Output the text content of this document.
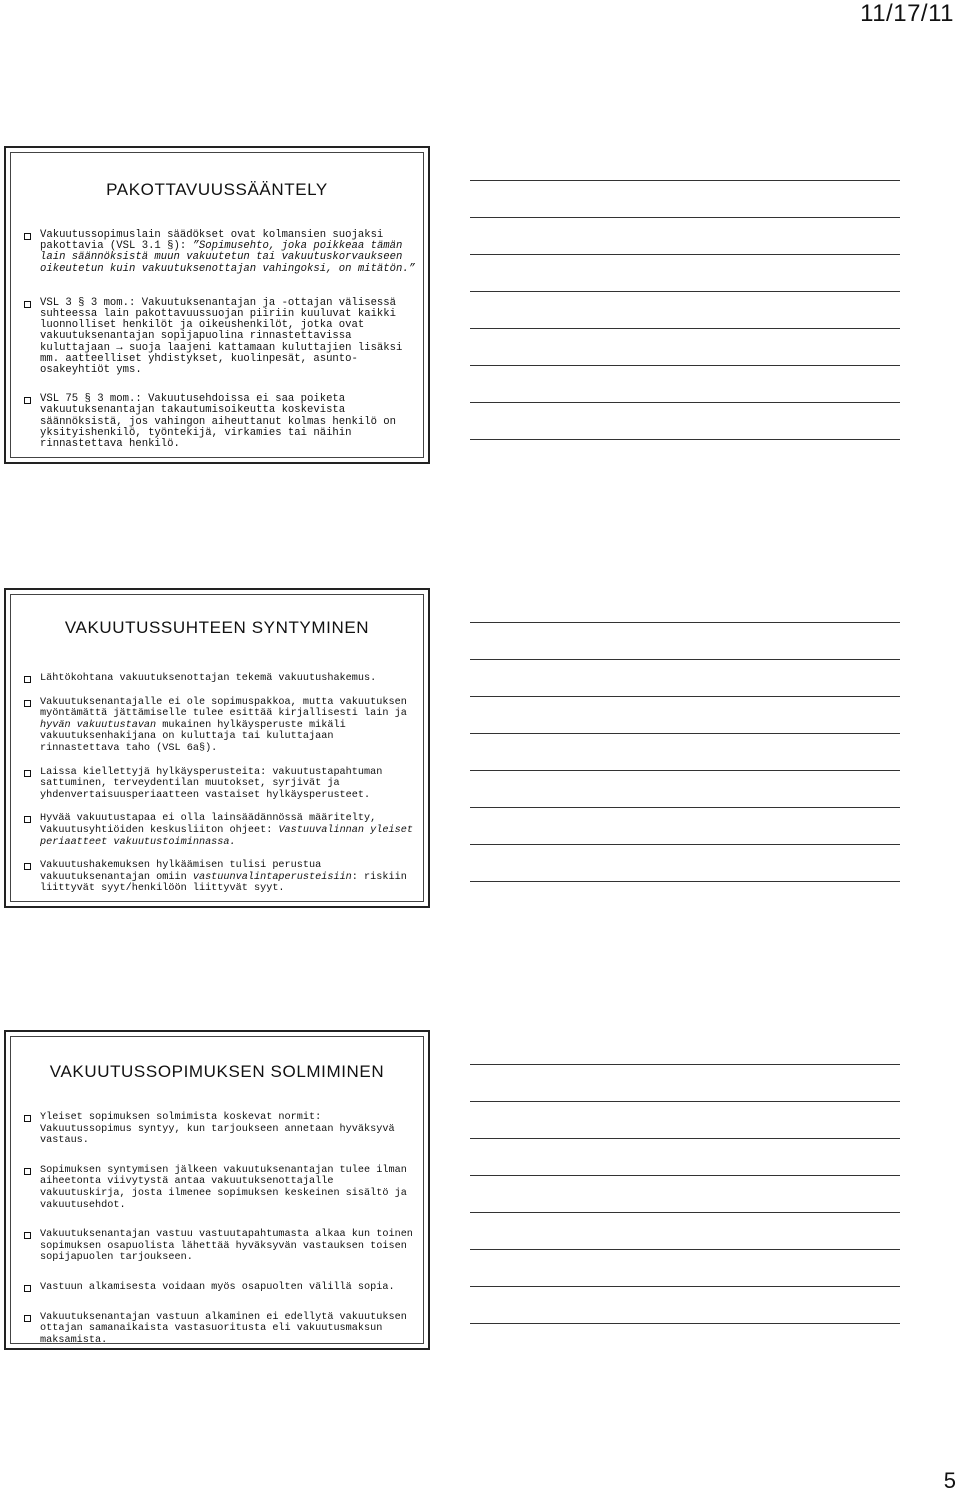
11/17/11
PAKOTTAVUUSSÄÄNTELY
Vakuutussopimuslain säädökset ovat kolmansien suojaksi pakottavia (VSL 3.1 §): ”Sopimusehto, joka poikkeaa tämän lain säännöksistä muun vakuutetun tai vakuutuskorvaukseen oikeutetun kuin vakuutuksenottajan vahingoksi, on mitätön.”
VSL 3 § 3 mom.: Vakuutuksenantajan ja -ottajan välisessä suhteessa lain pakottavuussuojan piiriin kuuluvat kaikki luonnolliset henkilöt ja oikeushenkilöt, jotka ovat vakuutuksenantajan sopijapuolina rinnastettavissa kuluttajaan → suoja laajeni kattamaan kuluttajien lisäksi mm. aatteelliset yhdistykset, kuolinpesät, asunto-osakeyhtiöt yms.
VSL 75 § 3 mom.: Vakuutusehdoissa ei saa poiketa vakuutuksenantajan takautumisoikeutta koskevista säännöksistä, jos vahingon aiheuttanut kolmas henkilö on yksityishenkilö, työntekijä, virkamies tai näihin rinnastettava henkilö.
VAKUUTUSSUHTEEN SYNTYMINEN
Lähtökohtana vakuutuksenottajan tekemä vakuutushakemus.
Vakuutuksenantajalle ei ole sopimuspakkoa, mutta vakuutuksen myöntämättä jättämiselle tulee esittää kirjallisesti lain ja hyvän vakuutustavan mukainen hylkäysperuste mikäli vakuutuksenhakijana on kuluttaja tai kuluttajaan rinnastettava taho (VSL 6a§).
Laissa kiellettyjä hylkäysperusteita: vakuutustapahtuman sattuminen, terveydentilan muutokset, syrjivät ja yhdenvertaisuusperiaatteen vastaiset hylkäysperusteet.
Hyvää vakuutustapaa ei olla lainsäädännössä määritelty, Vakuutusyhtiöiden keskusliiton ohjeet: Vastuuvalinnan yleiset periaatteet vakuutustoiminnassa.
Vakuutushakemuksen hylkäämisen tulisi perustua vakuutuksenantajan omiin vastuunvalintaperusteisiin: riskiin liittyvät syyt/henkilöön liittyvät syyt.
VAKUUTUSSOPIMUKSEN SOLMIMINEN
Yleiset sopimuksen solmimista koskevat normit: Vakuutussopimus syntyy, kun tarjoukseen annetaan hyväksyvä vastaus.
Sopimuksen syntymisen jälkeen vakuutuksenantajan tulee ilman aiheetonta viivytystä antaa vakuutuksenottajalle vakuutuskirja, josta ilmenee sopimuksen keskeinen sisältö ja vakuutusehdot.
Vakuutuksenantajan vastuu vastuutapahtumasta alkaa kun toinen sopimuksen osapuolista lähettää hyväksyvän vastauksen toisen sopijapuolen tarjoukseen.
Vastuun alkamisesta voidaan myös osapuolten välillä sopia.
Vakuutuksenantajan vastuun alkaminen ei edellytä vakuutuksen ottajan samanaikaista vastasuoritusta eli vakuutusmaksun maksamista.
5
